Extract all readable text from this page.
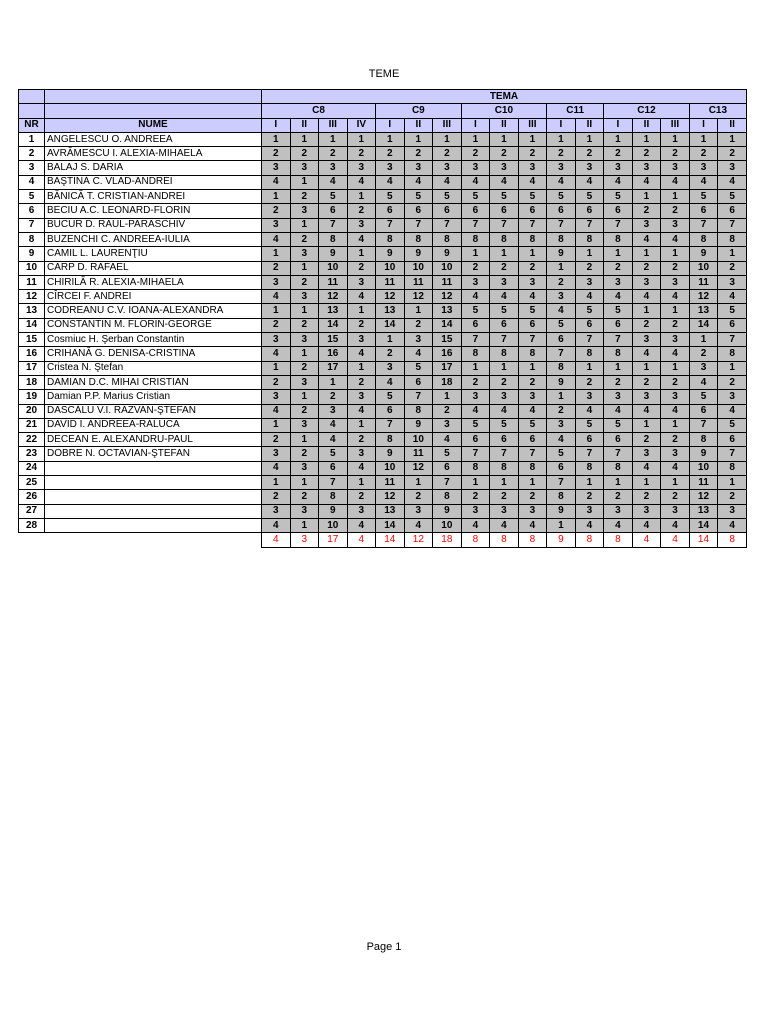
TEME
		TEMA																
		C8				C9			C10			C11		C12			C13	
NR	NUME	I	II	III	IV	I	II	III	I	II	III	I	II	I	II	III	I	II
1	ANGELESCU O. ANDREEA	1	1	1	1	1	1	1	1	1	1	1	1	1	1	1	1	1
2	AVRĂMESCU I. ALEXIA-MIHAELA	2	2	2	2	2	2	2	2	2	2	2	2	2	2	2	2	2
3	BALAJ S. DARIA	3	3	3	3	3	3	3	3	3	3	3	3	3	3	3	3	3
4	BAŞTINĂ C. VLAD-ANDREI	4	1	4	4	4	4	4	4	4	4	4	4	4	4	4	4	4
5	BĂNICĂ T. CRISTIAN-ANDREI	1	2	5	1	5	5	5	5	5	5	5	5	5	1	1	5	5
6	BECIU A.C. LEONARD-FLORIN	2	3	6	2	6	6	6	6	6	6	6	6	6	2	2	6	6
7	BUCUR D. RAUL-PARASCHIV	3	1	7	3	7	7	7	7	7	7	7	7	7	3	3	7	7
8	BUZENCHI C. ANDREEA-IULIA	4	2	8	4	8	8	8	8	8	8	8	8	8	4	4	8	8
9	CAMIL L. LAURENŢIU	1	3	9	1	9	9	9	1	1	1	9	1	1	1	1	9	1
10	CARP D. RAFAEL	2	1	10	2	10	10	10	2	2	2	1	2	2	2	2	10	2
11	CHIRILĂ R. ALEXIA-MIHAELA	3	2	11	3	11	11	11	3	3	3	2	3	3	3	3	11	3
12	CÎRCEI F. ANDREI	4	3	12	4	12	12	12	4	4	4	3	4	4	4	4	12	4
13	CODREANU C.V. IOANA-ALEXANDRA	1	1	13	1	13	1	13	5	5	5	4	5	5	1	1	13	5
14	CONSTANTIN M. FLORIN-GEORGE	2	2	14	2	14	2	14	6	6	6	5	6	6	2	2	14	6
15	Cosmiuc H. Şerban Constantin	3	3	15	3	1	3	15	7	7	7	6	7	7	3	3	1	7
16	CRIHANĂ G. DENISA-CRISTINA	4	1	16	4	2	4	16	8	8	8	7	8	8	4	4	2	8
17	Cristea N. Ştefan	1	2	17	1	3	5	17	1	1	1	8	1	1	1	1	3	1
18	DAMIAN D.C. MIHAI CRISTIAN	2	3	1	2	4	6	18	2	2	2	9	2	2	2	2	4	2
19	Damian P.P. Marius Cristian	3	1	2	3	5	7	1	3	3	3	1	3	3	3	3	5	3
20	DASCĂLU V.I. RĂZVAN-ŞTEFAN	4	2	3	4	6	8	2	4	4	4	2	4	4	4	4	6	4
21	DAVID I. ANDREEA-RALUCA	1	3	4	1	7	9	3	5	5	5	3	5	5	1	1	7	5
22	DECEAN E. ALEXANDRU-PAUL	2	1	4	2	8	10	4	6	6	6	4	6	6	2	2	8	6
23	DOBRE N. OCTAVIAN-ŞTEFAN	3	2	5	3	9	11	5	7	7	7	5	7	7	3	3	9	7
24		4	3	6	4	10	12	6	8	8	8	6	8	8	4	4	10	8
25		1	1	7	1	11	1	7	1	1	1	7	1	1	1	1	11	1
26		2	2	8	2	12	2	8	2	2	2	8	2	2	2	2	12	2
27		3	3	9	3	13	3	9	3	3	3	9	3	3	3	3	13	3
28		4	1	10	4	14	4	10	4	4	4	1	4	4	4	4	14	4
		4	3	17	4	14	12	18	8	8	8	9	8	8	4	4	14	8
Page 1
